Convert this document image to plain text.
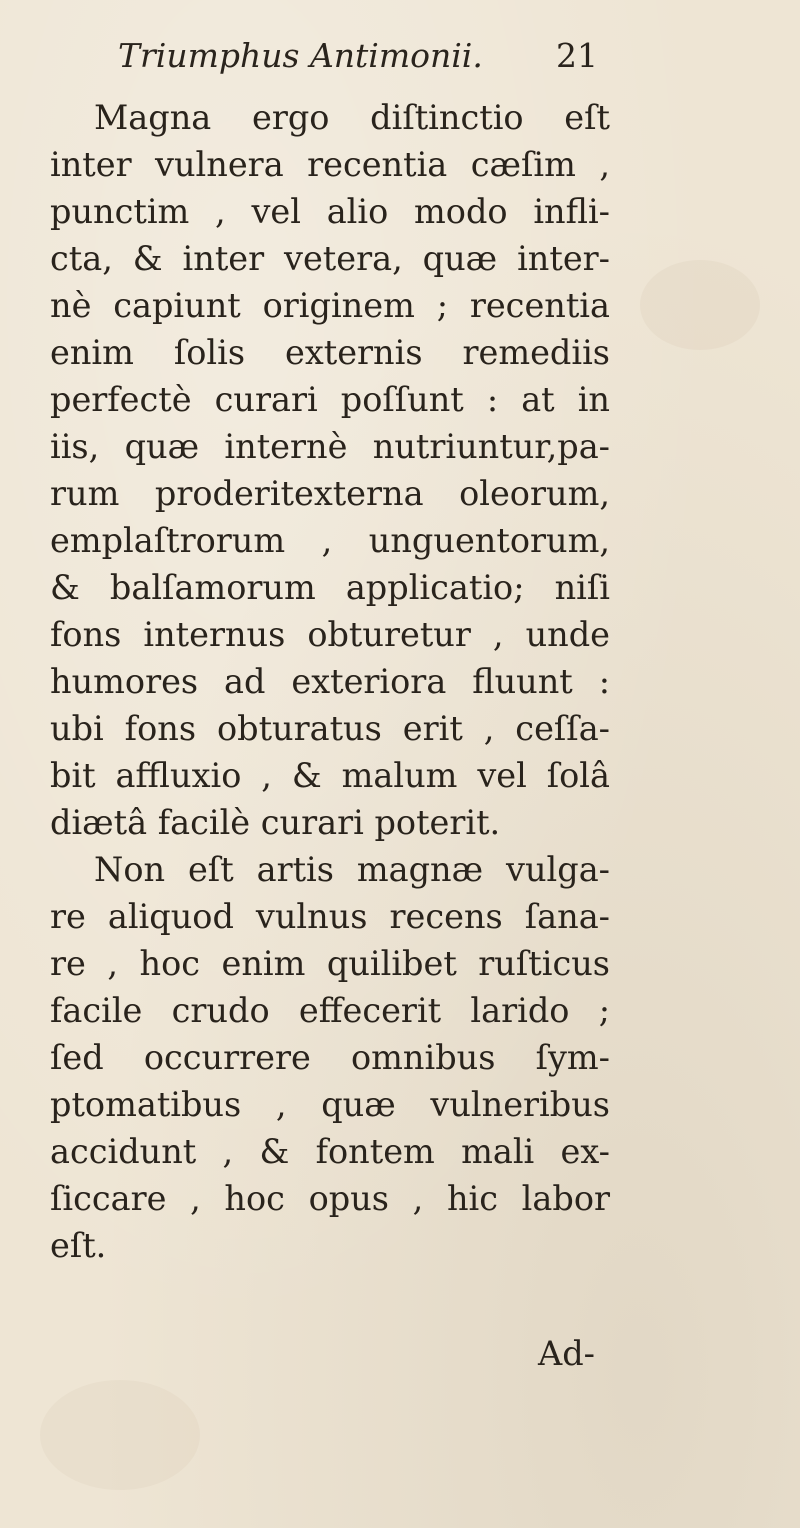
Triumphus Antimonii. 21
Magna ergo diſtinctio eſt
inter vulnera recentia cæſim ,
punctim , vel alio modo infli-
cta, & inter vetera, quæ inter-
nè capiunt originem ; recentia
enim ſolis externis remediis
perfectè curari poſſunt : at in
iis, quæ internè nutriuntur,pa-
rum proderitexterna oleorum,
emplaſtrorum , unguentorum,
& balſamorum applicatio; niſi
fons internus obturetur , unde
humores ad exteriora fluunt :
ubi fons obturatus erit , ceſſa-
bit affluxio , & malum vel ſolâ
diætâ facilè curari poterit.
Non eſt artis magnæ vulga-
re aliquod vulnus recens ſana-
re , hoc enim quilibet ruſticus
facile crudo effecerit larido ;
ſed occurrere omnibus ſym-
ptomatibus , quæ vulneribus
accidunt , & fontem mali ex-
ſiccare , hoc opus , hic labor
eſt.
Ad-
